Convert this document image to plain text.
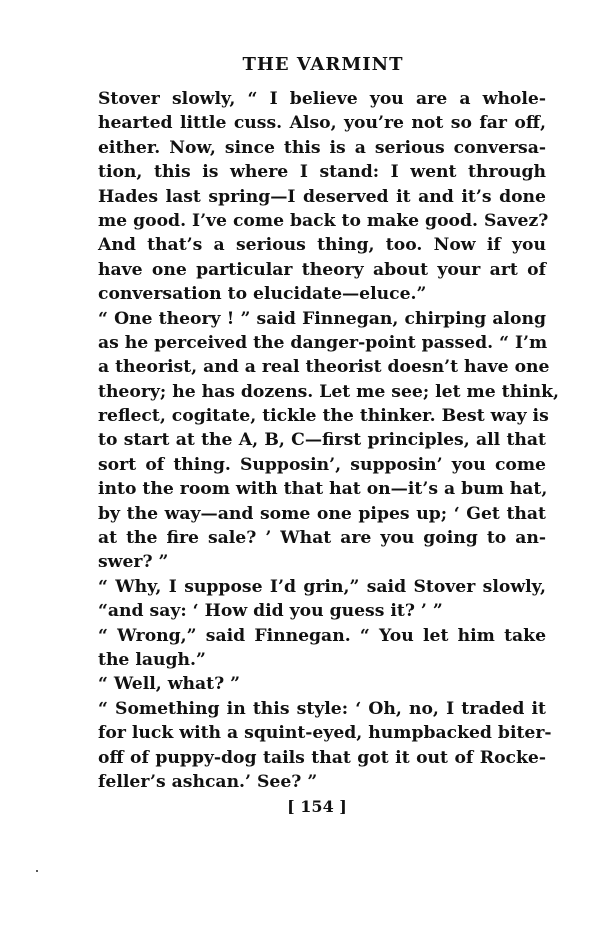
THE VARMINT
Stover slowly, “ I believe you are a whole-
hearted little cuss. Also, you’re not so far off,
either. Now, since this is a serious conversa-
tion, this is where I stand: I went through
Hades last spring—I deserved it and it’s done
me good. I’ve come back to make good. Savez?
And that’s a serious thing, too. Now if you
have one particular theory about your art of
conversation to elucidate—eluce.”
“ One theory ! ” said Finnegan, chirping along
as he perceived the danger-point passed. “ I’m
a theorist, and a real theorist doesn’t have one
theory; he has dozens. Let me see; let me think,
reflect, cogitate, tickle the thinker. Best way is
to start at the A, B, C—first principles, all that
sort of thing. Supposin’, supposin’ you come
into the room with that hat on—it’s a bum hat,
by the way—and some one pipes up; ‘ Get that
at the fire sale? ’ What are you going to an-
swer? ”
“ Why, I suppose I’d grin,” said Stover slowly,
“and say: ‘ How did you guess it? ’ ”
“ Wrong,” said Finnegan. “ You let him take
the laugh.”
“ Well, what? ”
“ Something in this style: ‘ Oh, no, I traded it
for luck with a squint-eyed, humpbacked biter-
off of puppy-dog tails that got it out of Rocke-
feller’s ashcan.’ See? ”
[ 154 ]
